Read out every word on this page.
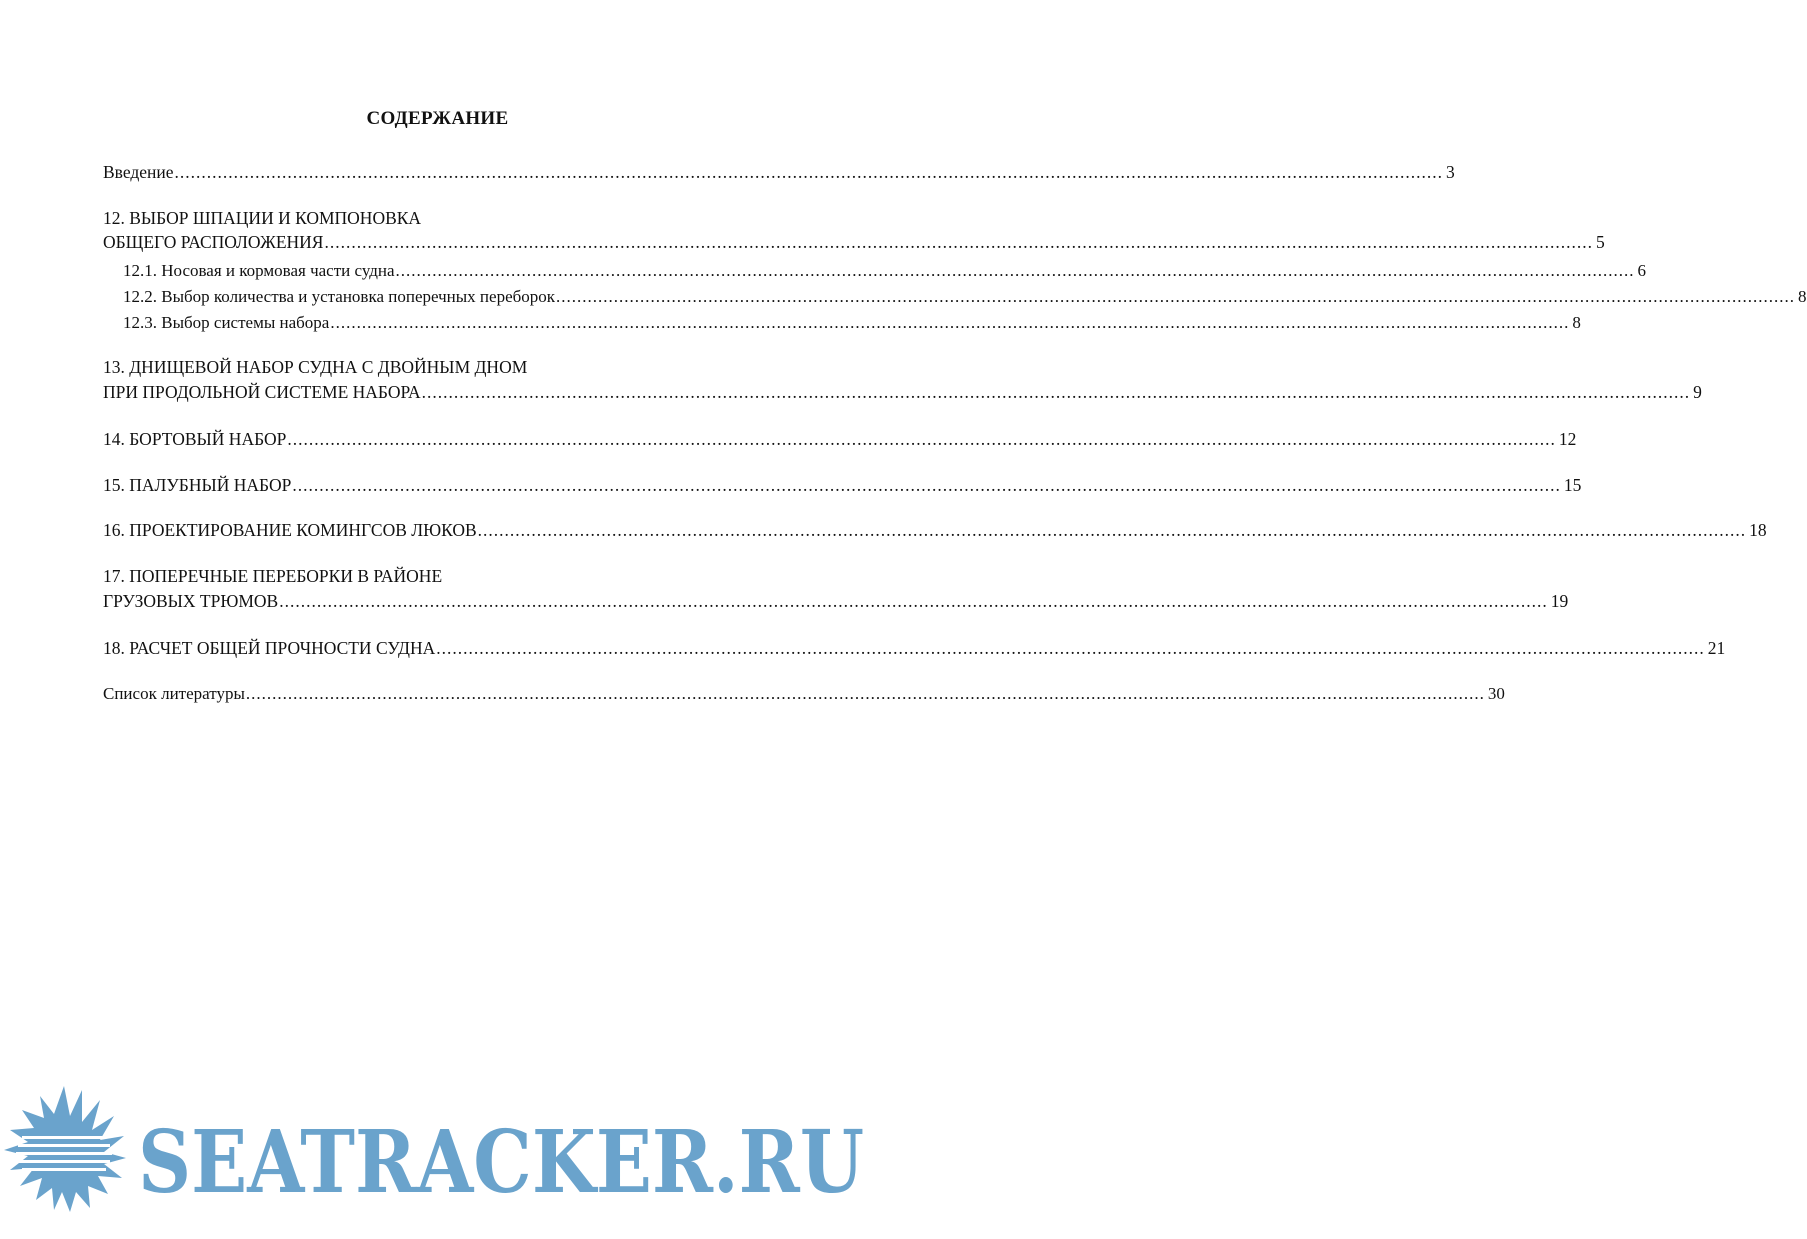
СОДЕРЖАНИЕ
Введение .....	3
12. ВЫБОР ШПАЦИИ И КОМПОНОВКА
ОБЩЕГО РАСПОЛОЖЕНИЯ .....	5
12.1. Носовая и кормовая части судна .....	6
12.2. Выбор количества и установка поперечных переборок .....	8
12.3. Выбор системы набора .....	8
13. ДНИЩЕВОЙ НАБОР СУДНА С ДВОЙНЫМ ДНОМ
ПРИ ПРОДОЛЬНОЙ СИСТЕМЕ НАБОРА .....	9
14. БОРТОВЫЙ НАБОР .....	12
15. ПАЛУБНЫЙ НАБОР .....	15
16. ПРОЕКТИРОВАНИЕ КОМИНГСОВ ЛЮКОВ .....	18
17. ПОПЕРЕЧНЫЕ ПЕРЕБОРКИ В РАЙОНЕ
ГРУЗОВЫХ ТРЮМОВ .....	19
18. РАСЧЕТ ОБЩЕЙ ПРОЧНОСТИ СУДНА .....	21
Список литературы .....	30
SEATRACKER.RU
